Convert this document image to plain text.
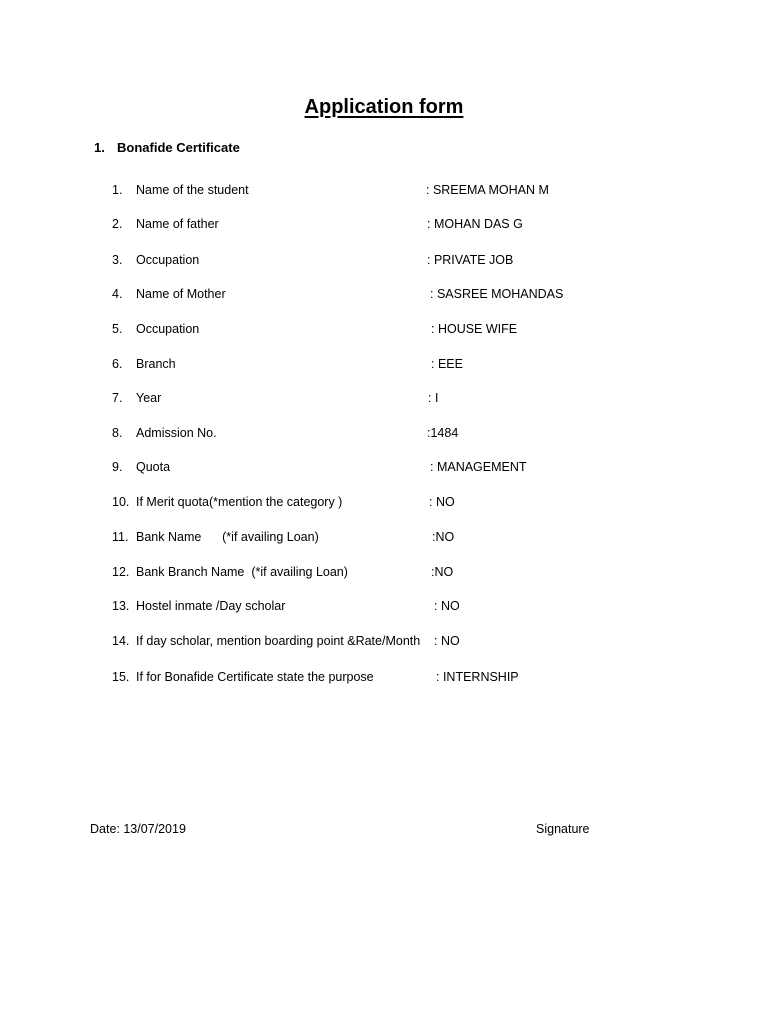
Application form
1. Bonafide Certificate
1.	Name of the student	: SREEMA MOHAN M
2.	Name of father	: MOHAN DAS G
3.	Occupation	: PRIVATE JOB
4.	Name of Mother	: SASREE MOHANDAS
5.	Occupation	: HOUSE WIFE
6.	Branch	: EEE
7.	Year	: I
8.	Admission No.	:1484
9.	Quota	: MANAGEMENT
10. If Merit quota(*mention the category )	: NO
11. Bank Name      (*if availing Loan)	:NO
12. Bank Branch Name  (*if availing Loan)	:NO
13. Hostel inmate /Day scholar	: NO
14. If day scholar, mention boarding point &Rate/Month : NO
15. If for Bonafide Certificate state the purpose	: INTERNSHIP
Date: 13/07/2019	Signature
